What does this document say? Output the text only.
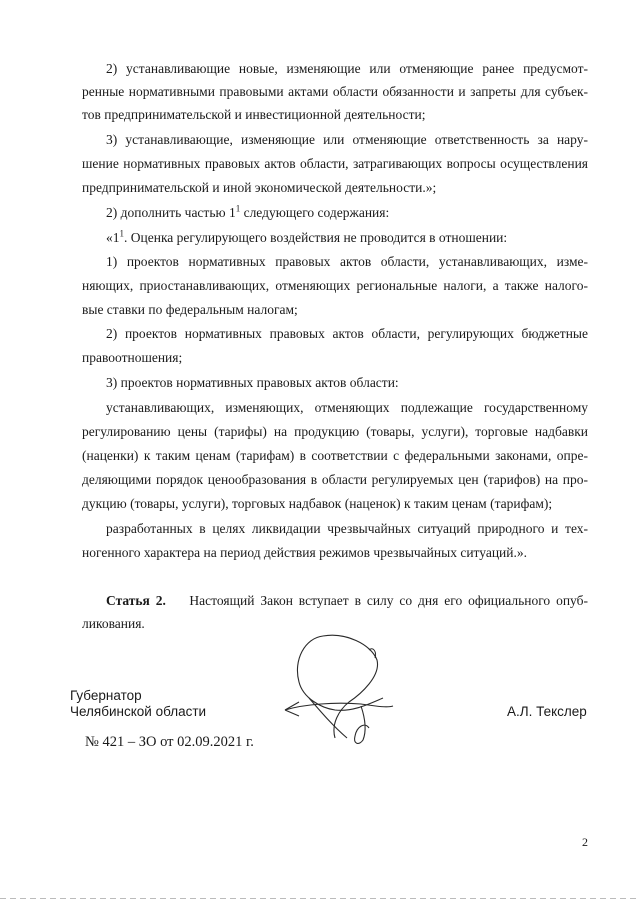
2) устанавливающие новые, изменяющие или отменяющие ранее предусмот-
ренные нормативными правовыми актами области обязанности и запреты для субъек-
тов предпринимательской и инвестиционной деятельности;
3) устанавливающие, изменяющие или отменяющие ответственность за нару-
шение нормативных правовых актов области, затрагивающих вопросы осуществления
предпринимательской и иной экономической деятельности.»;
2) дополнить частью $1^1$ следующего содержания:
«$1^1$. Оценка регулирующего воздействия не проводится в отношении:
1) проектов нормативных правовых актов области, устанавливающих, изме-
няющих, приостанавливающих, отменяющих региональные налоги, а также налого-
вые ставки по федеральным налогам;
2) проектов нормативных правовых актов области, регулирующих бюджетные
правоотношения;
3) проектов нормативных правовых актов области:
устанавливающих, изменяющих, отменяющих подлежащие государственному
регулированию цены (тарифы) на продукцию (товары, услуги), торговые надбавки
(наценки) к таким ценам (тарифам) в соответствии с федеральными законами, опре-
деляющими порядок ценообразования в области регулируемых цен (тарифов) на про-
дукцию (товары, услуги), торговых надбавок (наценок) к таким ценам (тарифам);
разработанных в целях ликвидации чрезвычайных ситуаций природного и тех-
ногенного характера на период действия режимов чрезвычайных ситуаций.».
Статья 2. Настоящий Закон вступает в силу со дня его официального опуб-
ликования.
Губернатор
Челябинской области	А.Л. Текслер
№ 421 – ЗО от 02.09.2021 г.
2
